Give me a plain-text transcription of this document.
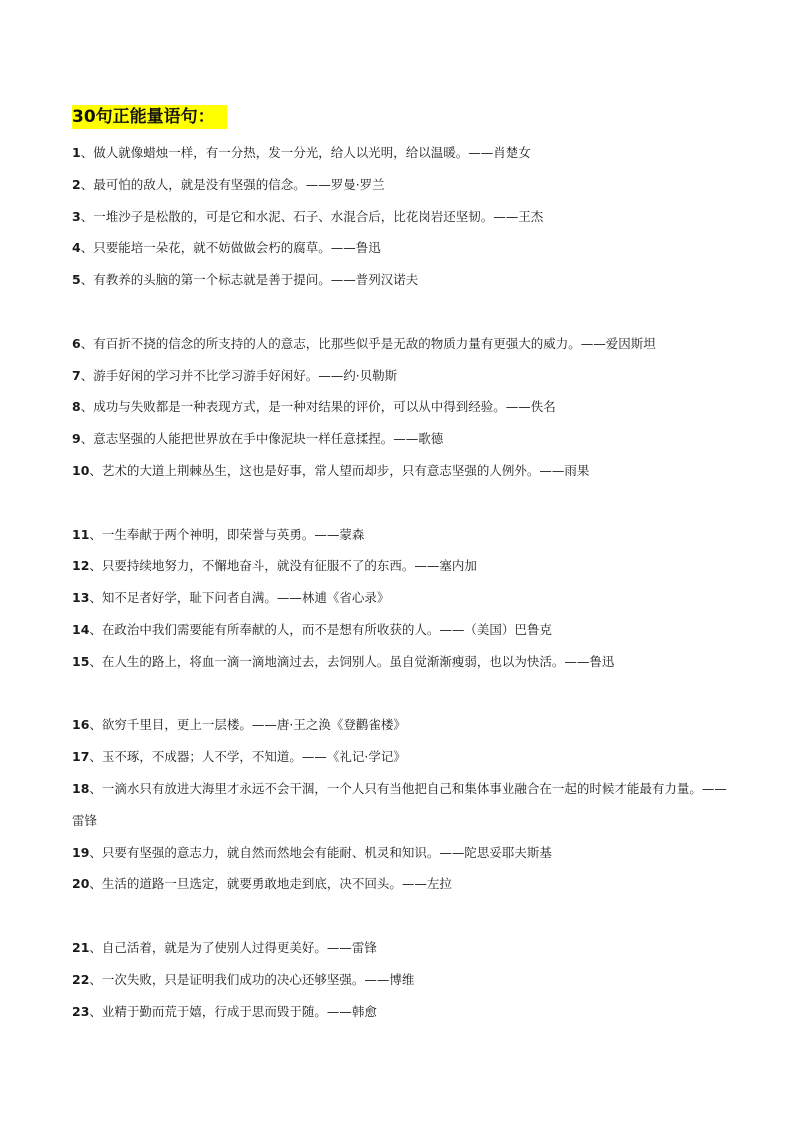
30句正能量语句：
1、做人就像蜡烛一样，有一分热，发一分光，给人以光明，给以温暖。——肖楚女
2、最可怕的敌人，就是没有坚强的信念。——罗曼·罗兰
3、一堆沙子是松散的，可是它和水泥、石子、水混合后，比花岗岩还坚韧。——王杰
4、只要能培一朵花，就不妨做做会朽的腐草。——鲁迅
5、有教养的头脑的第一个标志就是善于提问。——普列汉诺夫
6、有百折不挠的信念的所支持的人的意志，比那些似乎是无敌的物质力量有更强大的威力。——爱因斯坦
7、游手好闲的学习并不比学习游手好闲好。——约·贝勒斯
8、成功与失败都是一种表现方式，是一种对结果的评价，可以从中得到经验。——佚名
9、意志坚强的人能把世界放在手中像泥块一样任意揉捏。——歌德
10、艺术的大道上荆棘丛生，这也是好事，常人望而却步，只有意志坚强的人例外。——雨果
11、一生奉献于两个神明，即荣誉与英勇。——蒙森
12、只要持续地努力，不懈地奋斗，就没有征服不了的东西。——塞内加
13、知不足者好学，耻下问者自满。——林逋《省心录》
14、在政治中我们需要能有所奉献的人，而不是想有所收获的人。——（美国）巴鲁克
15、在人生的路上，将血一滴一滴地滴过去，去饲别人。虽自觉渐渐瘦弱，也以为快活。——鲁迅
16、欲穷千里目，更上一层楼。——唐·王之涣《登鹳雀楼》
17、玉不琢，不成器；人不学，不知道。——《礼记·学记》
18、一滴水只有放进大海里才永远不会干涸，一个人只有当他把自己和集体事业融合在一起的时候才能最有力量。——雷锋
19、只要有坚强的意志力，就自然而然地会有能耐、机灵和知识。——陀思妥耶夫斯基
20、生活的道路一旦选定，就要勇敢地走到底，决不回头。——左拉
21、自己活着，就是为了使别人过得更美好。——雷锋
22、一次失败，只是证明我们成功的决心还够坚强。——博维
23、业精于勤而荒于嬉，行成于思而毁于随。——韩愈
